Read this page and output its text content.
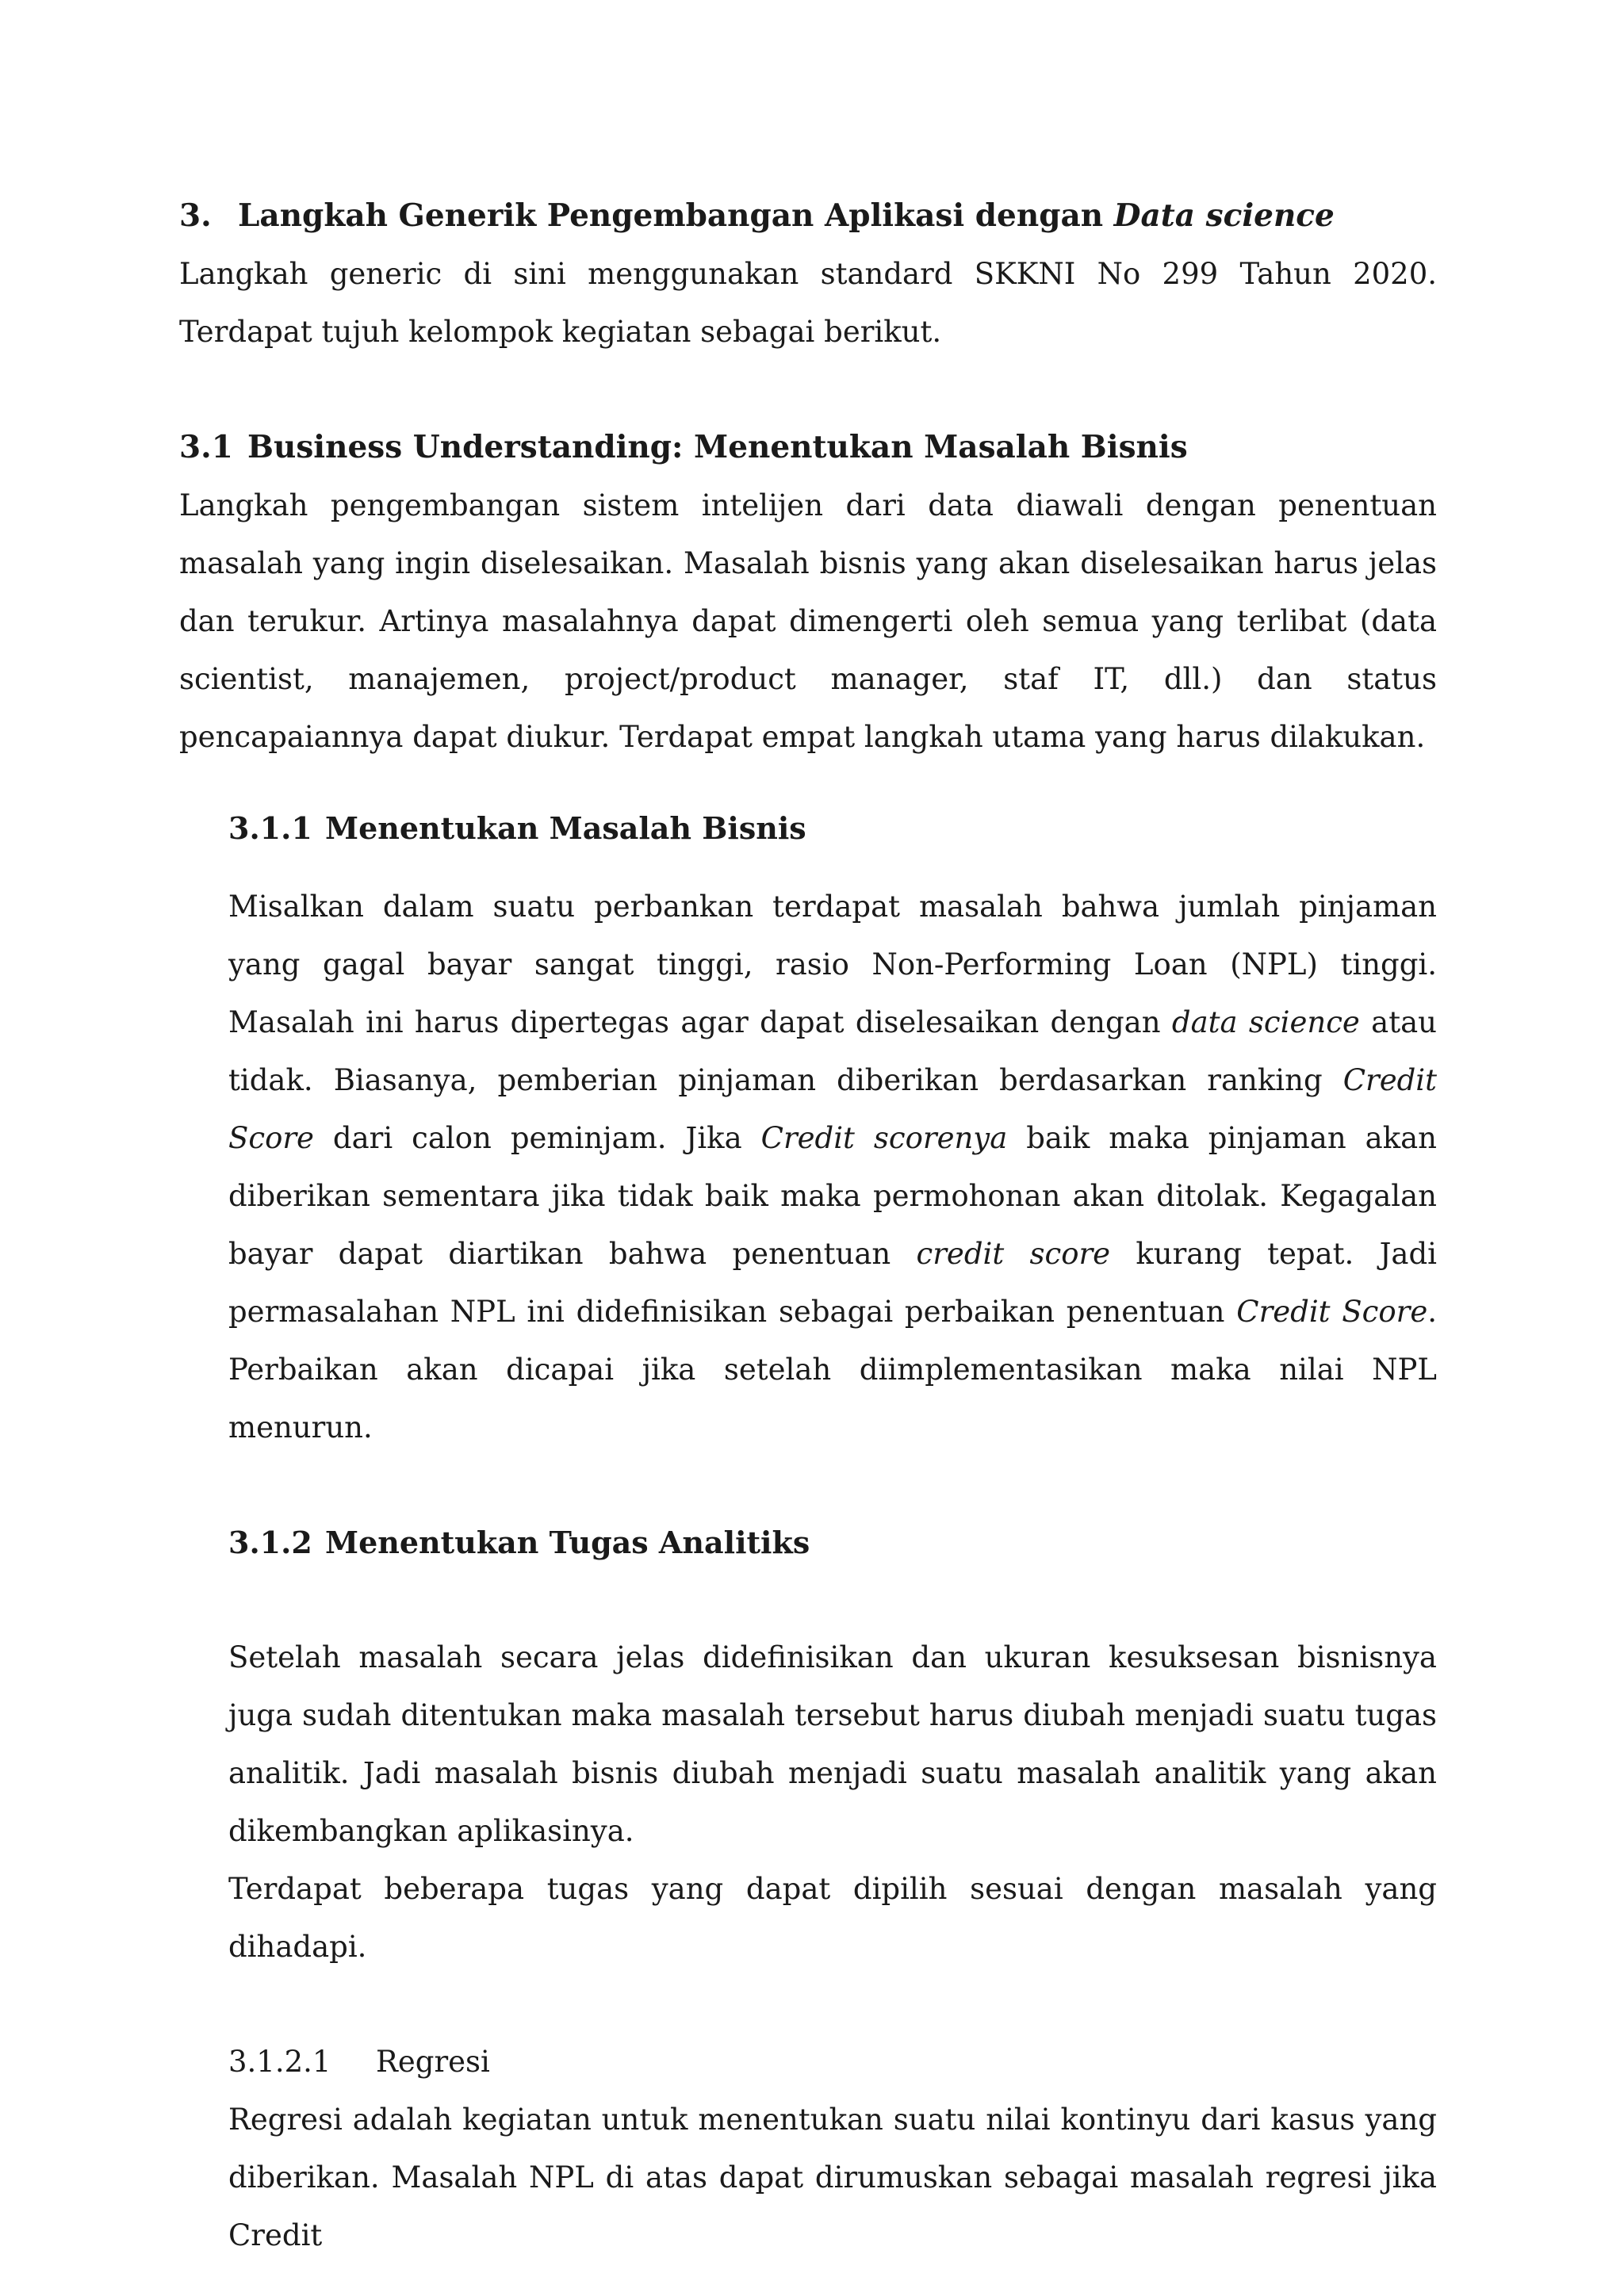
3. Langkah Generik Pengembangan Aplikasi dengan Data science

Langkah generic di sini menggunakan standard SKKNI No 299 Tahun 2020. Terdapat tujuh kelompok kegiatan sebagai berikut.

3.1 Business Understanding: Menentukan Masalah Bisnis

Langkah pengembangan sistem intelijen dari data diawali dengan penentuan masalah yang ingin diselesaikan. Masalah bisnis yang akan diselesaikan harus jelas dan terukur. Artinya masalahnya dapat dimengerti oleh semua yang terlibat (data scientist, manajemen, project/product manager, staf IT, dll.) dan status pencapaiannya dapat diukur. Terdapat empat langkah utama yang harus dilakukan.

3.1.1 Menentukan Masalah Bisnis

Misalkan dalam suatu perbankan terdapat masalah bahwa jumlah pinjaman yang gagal bayar sangat tinggi, rasio Non-Performing Loan (NPL) tinggi. Masalah ini harus dipertegas agar dapat diselesaikan dengan data science atau tidak. Biasanya, pemberian pinjaman diberikan berdasarkan ranking Credit Score dari calon peminjam. Jika Credit scorenya baik maka pinjaman akan diberikan sementara jika tidak baik maka permohonan akan ditolak. Kegagalan bayar dapat diartikan bahwa penentuan credit score kurang tepat. Jadi permasalahan NPL ini didefinisikan sebagai perbaikan penentuan Credit Score. Perbaikan akan dicapai jika setelah diimplementasikan maka nilai NPL menurun.

3.1.2 Menentukan Tugas Analitiks

Setelah masalah secara jelas didefinisikan dan ukuran kesuksesan bisnisnya juga sudah ditentukan maka masalah tersebut harus diubah menjadi suatu tugas analitik. Jadi masalah bisnis diubah menjadi suatu masalah analitik yang akan dikembangkan aplikasinya.

Terdapat beberapa tugas yang dapat dipilih sesuai dengan masalah yang dihadapi.

3.1.2.1 Regresi

Regresi adalah kegiatan untuk menentukan suatu nilai kontinyu dari kasus yang diberikan. Masalah NPL di atas dapat dirumuskan sebagai masalah regresi jika Credit
